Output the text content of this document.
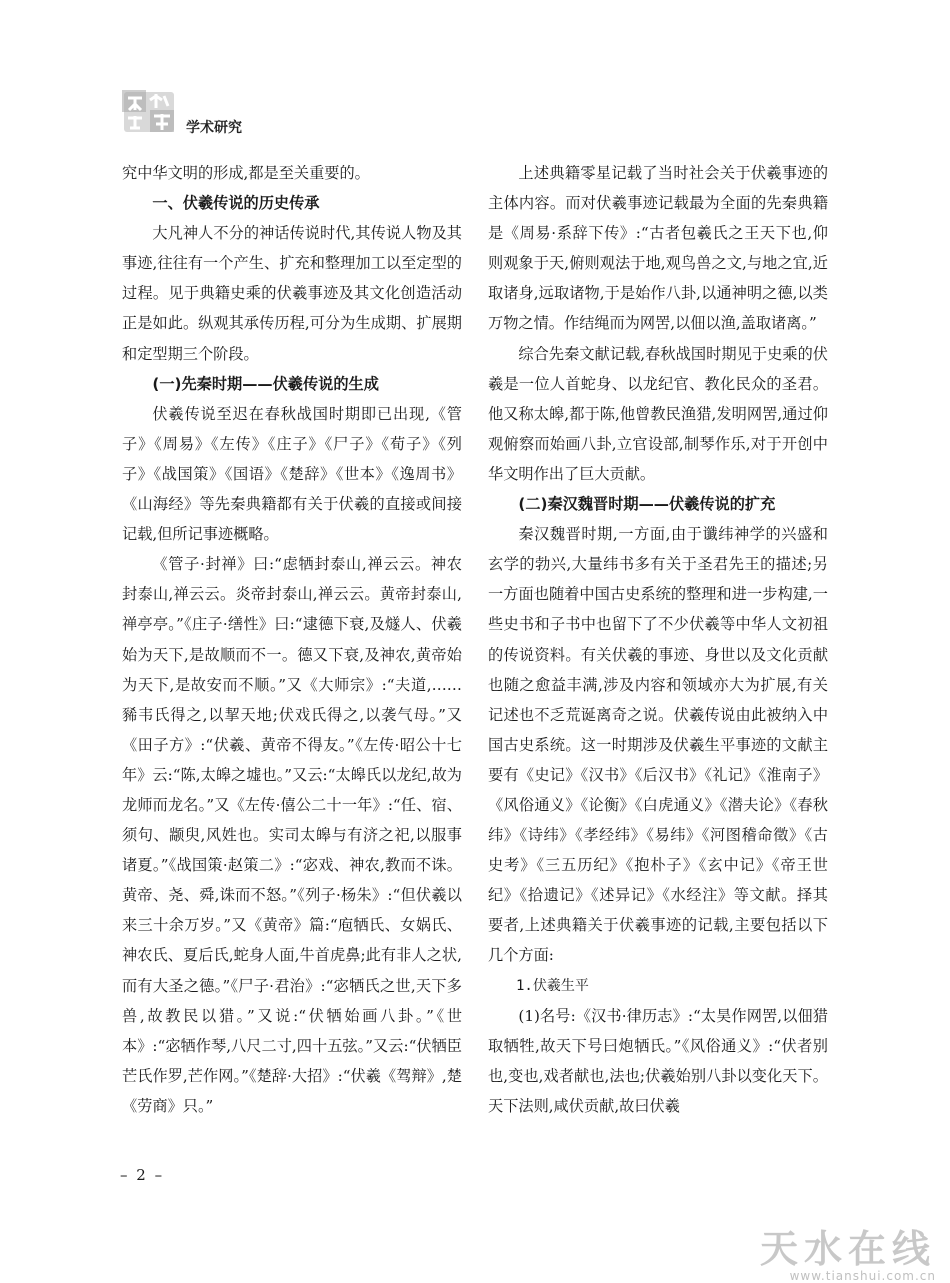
学术研究

究中华文明的形成,都是至关重要的。

一、伏羲传说的历史传承

大凡神人不分的神话传说时代,其传说人物及其事迹,往往有一个产生、扩充和整理加工以至定型的过程。见于典籍史乘的伏羲事迹及其文化创造活动正是如此。纵观其承传历程,可分为生成期、扩展期和定型期三个阶段。

(一)先秦时期——伏羲传说的生成

伏羲传说至迟在春秋战国时期即已出现,《管子》《周易》《左传》《庄子》《尸子》《荀子》《列子》《战国策》《国语》《楚辞》《世本》《逸周书》《山海经》等先秦典籍都有关于伏羲的直接或间接记载,但所记事迹概略。

《管子·封禅》曰:“虑牺封泰山,禅云云。神农封泰山,禅云云。炎帝封泰山,禅云云。黄帝封泰山,禅亭亭。”《庄子·缮性》曰:“逮德下衰,及燧人、伏羲始为天下,是故顺而不一。德又下衰,及神农,黄帝始为天下,是故安而不顺。”又《大师宗》:“夫道,……豨韦氏得之,以挈天地;伏戏氏得之,以袭气母。”又《田子方》:“伏羲、黄帝不得友。”《左传·昭公十七年》云:“陈,太皞之墟也。”又云:“太皞氏以龙纪,故为龙师而龙名。”又《左传·僖公二十一年》:“任、宿、须句、颛臾,风姓也。实司太皞与有济之祀,以服事诸夏。”《战国策·赵策二》:“宓戏、神农,教而不诛。黄帝、尧、舜,诛而不怒。”《列子·杨朱》:“但伏羲以来三十余万岁。”又《黄帝》篇:“庖牺氏、女娲氏、神农氏、夏后氏,蛇身人面,牛首虎鼻;此有非人之状,而有大圣之德。”《尸子·君治》:“宓牺氏之世,天下多兽,故教民以猎。”又说:“伏牺始画八卦。”《世本》:“宓牺作琴,八尺二寸,四十五弦。”又云:“伏牺臣芒氏作罗,芒作网。”《楚辞·大招》:“伏羲《驾辩》,楚《劳商》只。”

上述典籍零星记载了当时社会关于伏羲事迹的主体内容。而对伏羲事迹记载最为全面的先秦典籍是《周易·系辞下传》:“古者包羲氏之王天下也,仰则观象于天,俯则观法于地,观鸟兽之文,与地之宜,近取诸身,远取诸物,于是始作八卦,以通神明之德,以类万物之情。作结绳而为网罟,以佃以渔,盖取诸离。”

综合先秦文献记载,春秋战国时期见于史乘的伏羲是一位人首蛇身、以龙纪官、教化民众的圣君。他又称太皞,都于陈,他曾教民渔猎,发明网罟,通过仰观俯察而始画八卦,立官设部,制琴作乐,对于开创中华文明作出了巨大贡献。

(二)秦汉魏晋时期——伏羲传说的扩充

秦汉魏晋时期,一方面,由于谶纬神学的兴盛和玄学的勃兴,大量纬书多有关于圣君先王的描述;另一方面也随着中国古史系统的整理和进一步构建,一些史书和子书中也留下了不少伏羲等中华人文初祖的传说资料。有关伏羲的事迹、身世以及文化贡献也随之愈益丰满,涉及内容和领域亦大为扩展,有关记述也不乏荒诞离奇之说。伏羲传说由此被纳入中国古史系统。这一时期涉及伏羲生平事迹的文献主要有《史记》《汉书》《后汉书》《礼记》《淮南子》《风俗通义》《论衡》《白虎通义》《潜夫论》《春秋纬》《诗纬》《孝经纬》《易纬》《河图稽命徵》《古史考》《三五历纪》《抱朴子》《玄中记》《帝王世纪》《拾遗记》《述异记》《水经注》等文献。择其要者,上述典籍关于伏羲事迹的记载,主要包括以下几个方面:

1.伏羲生平

(1)名号:《汉书·律历志》:“太昊作网罟,以佃猎取牺牲,故天下号曰炮牺氏。”《风俗通义》:“伏者别也,变也,戏者献也,法也;伏羲始别八卦以变化天下。天下法则,咸伏贡献,故曰伏羲

– 2 –
天水在线
www.tianshui.com.cn
